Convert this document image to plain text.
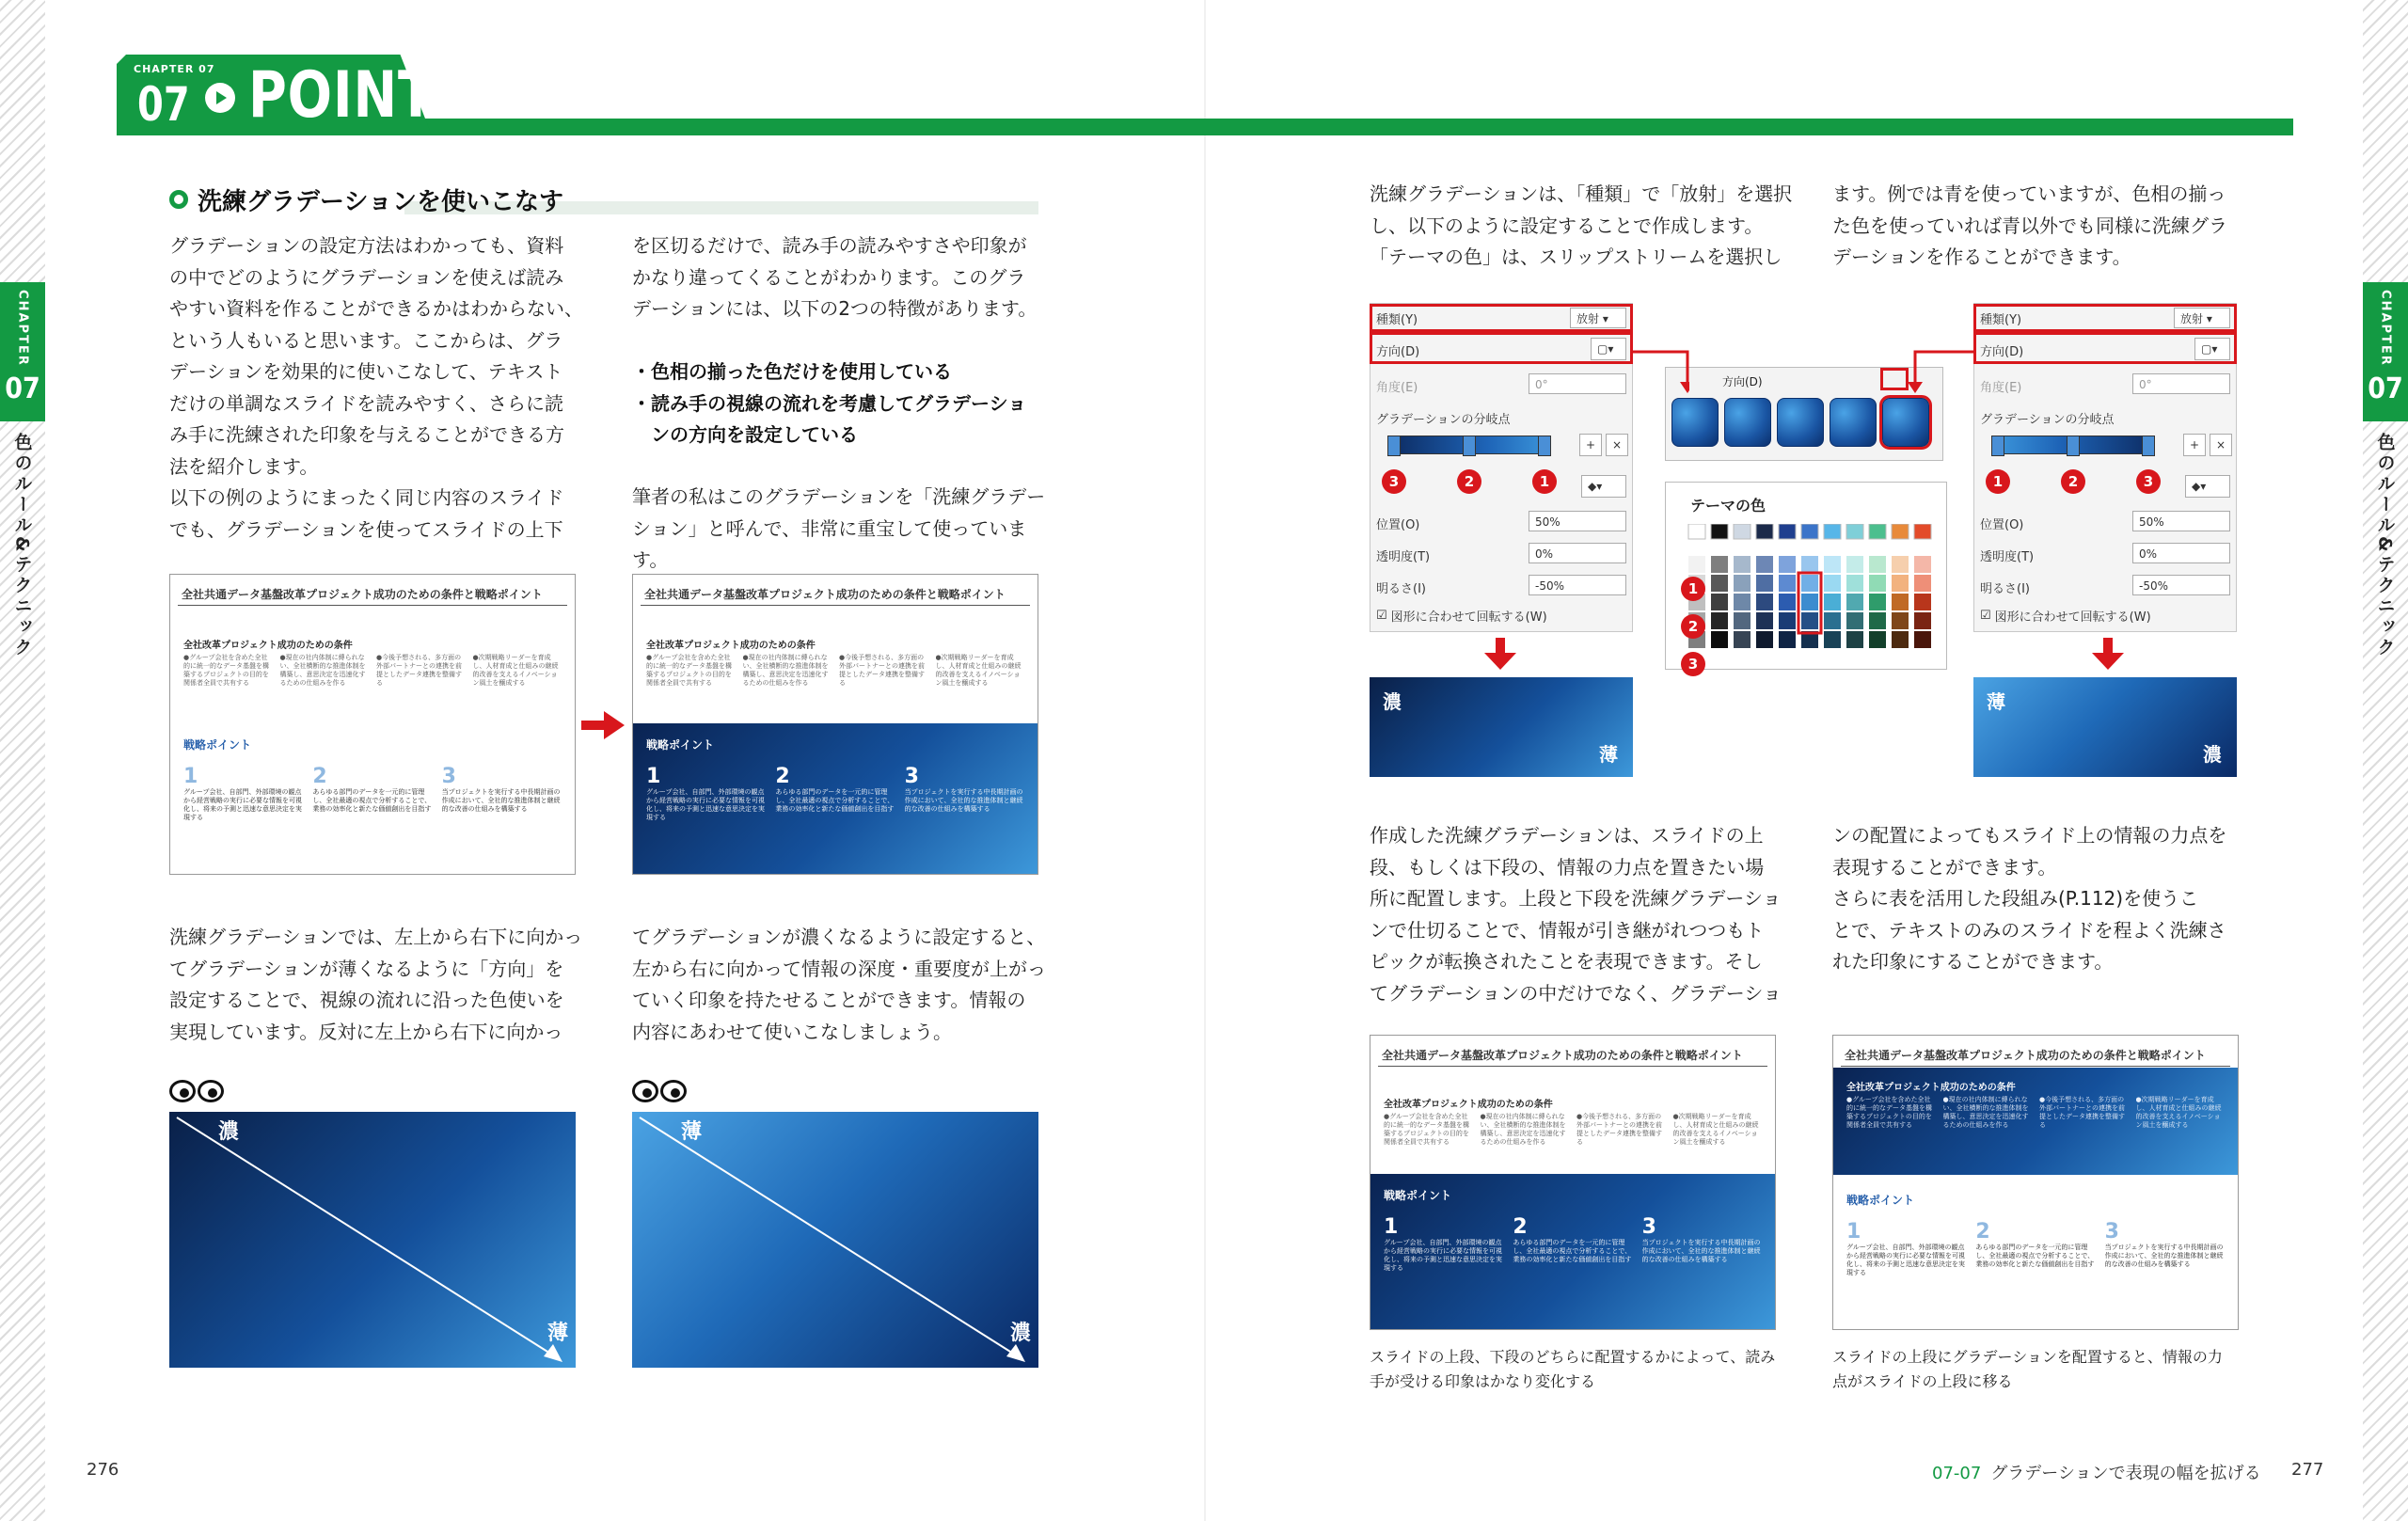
CHAPTER
07
色のルール&テクニック
CHAPTER
07
色のルール&テクニック
CHAPTER 07
07 POINT
洗練グラデーションを使いこなす
グラデーションの設定方法はわかっても、資料
の中でどのようにグラデーションを使えば読み
やすい資料を作ることができるかはわからない、
という人もいると思います。ここからは、グラ
デーションを効果的に使いこなして、テキスト
だけの単調なスライドを読みやすく、さらに読
み手に洗練された印象を与えることができる方
法を紹介します。
以下の例のようにまったく同じ内容のスライド
でも、グラデーションを使ってスライドの上下
を区切るだけで、読み手の読みやすさや印象が
かなり違ってくることがわかります。このグラ
デーションには、以下の2つの特徴があります。
・ 色相の揃った色だけを使用している
・ 読み手の視線の流れを考慮してグラデーショ
ンの方向を設定している
筆者の私はこのグラデーションを「洗練グラデー
ション」と呼んで、非常に重宝して使っています。
全社共通データ基盤改革プロジェクト成功のための条件と戦略ポイント
全社改革プロジェクト成功のための条件
●グループ会社を含めた全社的に統一的なデータ基盤を構築するプロジェクトの目的を関係者全員で共有する
●現在の社内体制に縛られない、全社横断的な推進体制を構築し、意思決定を迅速化するための仕組みを作る
●今後予想される、多方面の外部パートナーとの連携を前提としたデータ連携を整備する
●次期戦略リーダーを育成し、人材育成と仕組みの継続的改善を支えるイノベーション風土を醸成する
戦略ポイント
1
グループ会社、自部門、外部環境の観点から経営戦略の実行に必要な情報を可視化し、将来の予測と迅速な意思決定を実現する
2
あらゆる部門のデータを一元的に管理し、全社最適の視点で分析することで、業務の効率化と新たな価値創出を目指す
3
当プロジェクトを実行する中長期計画の作成において、全社的な推進体制と継続的な改善の仕組みを構築する
全社共通データ基盤改革プロジェクト成功のための条件と戦略ポイント
全社改革プロジェクト成功のための条件
●グループ会社を含めた全社的に統一的なデータ基盤を構築するプロジェクトの目的を関係者全員で共有する
●現在の社内体制に縛られない、全社横断的な推進体制を構築し、意思決定を迅速化するための仕組みを作る
●今後予想される、多方面の外部パートナーとの連携を前提としたデータ連携を整備する
●次期戦略リーダーを育成し、人材育成と仕組みの継続的改善を支えるイノベーション風土を醸成する
戦略ポイント
1
グループ会社、自部門、外部環境の観点から経営戦略の実行に必要な情報を可視化し、将来の予測と迅速な意思決定を実現する
2
あらゆる部門のデータを一元的に管理し、全社最適の視点で分析することで、業務の効率化と新たな価値創出を目指す
3
当プロジェクトを実行する中長期計画の作成において、全社的な推進体制と継続的な改善の仕組みを構築する
洗練グラデーションでは、左上から右下に向かっ
てグラデーションが薄くなるように「方向」を
設定することで、視線の流れに沿った色使いを
実現しています。反対に左上から右下に向かっ
てグラデーションが濃くなるように設定すると、
左から右に向かって情報の深度・重要度が上がっ
ていく印象を持たせることができます。情報の
内容にあわせて使いこなしましょう。
濃
薄
薄
濃
276
洗練グラデーションは、「種類」で「放射」を選択
し、以下のように設定することで作成します。
「テーマの色」は、スリップストリームを選択し
ます。例では青を使っていますが、色相の揃っ
た色を使っていれば青以外でも同様に洗練グラ
デーションを作ることができます。
種類(Y)	放射 ▾
方向(D)	▢▾
角度(E)	0°
グラデーションの分岐点
3	2	1
+	×
◆▾
位置(O)	50%
透明度(T)	0%
明るさ(I)	-50%
☑ 図形に合わせて回転する(W)
方向(D)
テーマの色
1
2
3
種類(Y)	放射 ▾
方向(D)	▢▾
角度(E)	0°
グラデーションの分岐点
1	2	3
+	×
◆▾
位置(O)	50%
透明度(T)	0%
明るさ(I)	-50%
☑ 図形に合わせて回転する(W)
濃
薄
薄
濃
作成した洗練グラデーションは、スライドの上
段、もしくは下段の、情報の力点を置きたい場
所に配置します。上段と下段を洗練グラデーショ
ンで仕切ることで、情報が引き継がれつつもト
ピックが転換されたことを表現できます。そし
てグラデーションの中だけでなく、グラデーショ
ンの配置によってもスライド上の情報の力点を
表現することができます。
さらに表を活用した段組み(P.112)を使うこ
とで、テキストのみのスライドを程よく洗練さ
れた印象にすることができます。
全社共通データ基盤改革プロジェクト成功のための条件と戦略ポイント
全社改革プロジェクト成功のための条件
●グループ会社を含めた全社的に統一的なデータ基盤を構築するプロジェクトの目的を関係者全員で共有する
●現在の社内体制に縛られない、全社横断的な推進体制を構築し、意思決定を迅速化するための仕組みを作る
●今後予想される、多方面の外部パートナーとの連携を前提としたデータ連携を整備する
●次期戦略リーダーを育成し、人材育成と仕組みの継続的改善を支えるイノベーション風土を醸成する
戦略ポイント
1
グループ会社、自部門、外部環境の観点から経営戦略の実行に必要な情報を可視化し、将来の予測と迅速な意思決定を実現する
2
あらゆる部門のデータを一元的に管理し、全社最適の視点で分析することで、業務の効率化と新たな価値創出を目指す
3
当プロジェクトを実行する中長期計画の作成において、全社的な推進体制と継続的な改善の仕組みを構築する
全社共通データ基盤改革プロジェクト成功のための条件と戦略ポイント
全社改革プロジェクト成功のための条件
●グループ会社を含めた全社的に統一的なデータ基盤を構築するプロジェクトの目的を関係者全員で共有する
●現在の社内体制に縛られない、全社横断的な推進体制を構築し、意思決定を迅速化するための仕組みを作る
●今後予想される、多方面の外部パートナーとの連携を前提としたデータ連携を整備する
●次期戦略リーダーを育成し、人材育成と仕組みの継続的改善を支えるイノベーション風土を醸成する
戦略ポイント
1
グループ会社、自部門、外部環境の観点から経営戦略の実行に必要な情報を可視化し、将来の予測と迅速な意思決定を実現する
2
あらゆる部門のデータを一元的に管理し、全社最適の視点で分析することで、業務の効率化と新たな価値創出を目指す
3
当プロジェクトを実行する中長期計画の作成において、全社的な推進体制と継続的な改善の仕組みを構築する
スライドの上段、下段のどちらに配置するかによって、読み
手が受ける印象はかなり変化する
スライドの上段にグラデーションを配置すると、情報の力
点がスライドの上段に移る
07-07 グラデーションで表現の幅を拡げる 277
